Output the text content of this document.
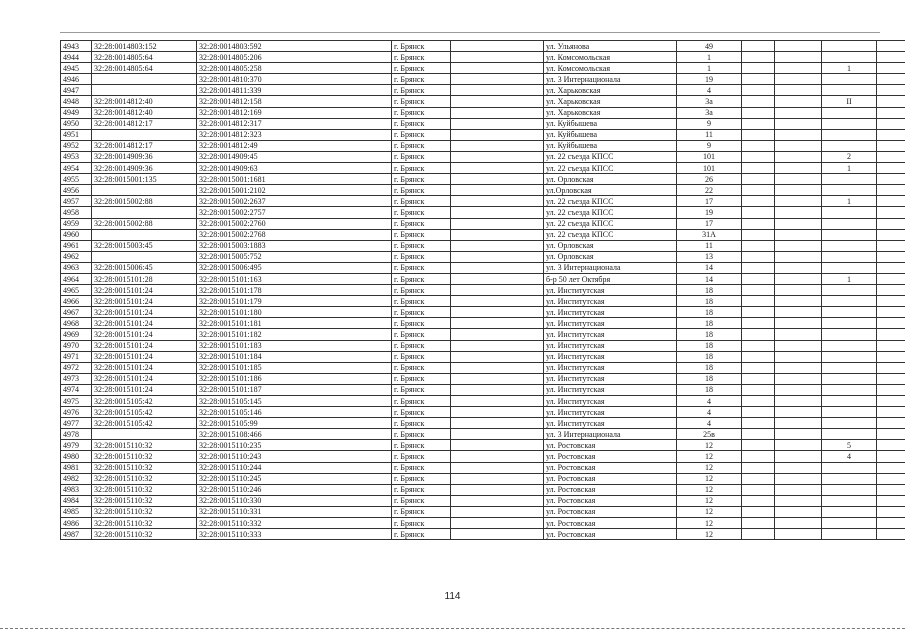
4943	32:28:0014803:152	32:28:0014803:592	г. Брянск		ул. Ульянова	49				
4944	32:28:0014805:64	32:28:0014805:206	г. Брянск		ул. Комсомольская	1				
4945	32:28:0014805:64	32:28:0014805:258	г. Брянск		ул. Комсомольская	1			1	
4946		32:28:0014810:370	г. Брянск		ул. 3 Интернационала	19				
4947		32:28:0014811:339	г. Брянск		ул. Харьковская	4				
4948	32:28:0014812:40	32:28:0014812:158	г. Брянск		ул. Харьковская	3а			II	
4949	32:28:0014812:40	32:28:0014812:169	г. Брянск		ул. Харьковская	3а				
4950	32:28:0014812:17	32:28:0014812:317	г. Брянск		ул. Куйбышева	9				
4951		32:28:0014812:323	г. Брянск		ул. Куйбышева	11				
4952	32:28:0014812:17	32:28:0014812:49	г. Брянск		ул. Куйбышева	9				
4953	32:28:0014909:36	32:28:0014909:45	г. Брянск		ул. 22 съезда КПСС	101			2	
4954	32:28:0014909:36	32:28:0014909:63	г. Брянск		ул. 22 съезда КПСС	101			1	
4955	32:28:0015001:135	32:28:0015001:1681	г. Брянск		ул. Орловская	26				
4956		32:28:0015001:2102	г. Брянск		ул.Орловская	22				
4957	32:28:0015002:88	32:28:0015002:2637	г. Брянск		ул. 22 съезда КПСС	17			1	
4958		32:28:0015002:2757	г. Брянск		ул. 22 съезда КПСС	19				
4959	32:28:0015002:88	32:28:0015002:2760	г. Брянск		ул. 22 съезда КПСС	17				
4960		32:28:0015002:2768	г. Брянск		ул. 22 съезда КПСС	31А				
4961	32:28:0015003:45	32:28:0015003:1883	г. Брянск		ул. Орловская	11				
4962		32:28:0015005:752	г. Брянск		ул. Орловская	13				
4963	32:28:0015006:45	32:28:0015006:495	г. Брянск		ул. 3 Интернационала	14				
4964	32:28:0015101:28	32:28:0015101:163	г. Брянск		б-р 50 лет Октября	14			1	
4965	32:28:0015101:24	32:28:0015101:178	г. Брянск		ул. Институтская	18				
4966	32:28:0015101:24	32:28:0015101:179	г. Брянск		ул. Институтская	18				
4967	32:28:0015101:24	32:28:0015101:180	г. Брянск		ул. Институтская	18				
4968	32:28:0015101:24	32:28:0015101:181	г. Брянск		ул. Институтская	18				
4969	32:28:0015101:24	32:28:0015101:182	г. Брянск		ул. Институтская	18				
4970	32:28:0015101:24	32:28:0015101:183	г. Брянск		ул. Институтская	18				
4971	32:28:0015101:24	32:28:0015101:184	г. Брянск		ул. Институтская	18				
4972	32:28:0015101:24	32:28:0015101:185	г. Брянск		ул. Институтская	18				
4973	32:28:0015101:24	32:28:0015101:186	г. Брянск		ул. Институтская	18				
4974	32:28:0015101:24	32:28:0015101:187	г. Брянск		ул. Институтская	18				
4975	32:28:0015105:42	32:28:0015105:145	г. Брянск		ул. Институтская	4				
4976	32:28:0015105:42	32:28:0015105:146	г. Брянск		ул. Институтская	4				
4977	32:28:0015105:42	32:28:0015105:99	г. Брянск		ул. Институтская	4				
4978		32:28:0015108:466	г. Брянск		ул. 3 Интернационала	25в				
4979	32:28:0015110:32	32:28:0015110:235	г. Брянск		ул. Ростовская	12			5	
4980	32:28:0015110:32	32:28:0015110:243	г. Брянск		ул. Ростовская	12			4	
4981	32:28:0015110:32	32:28:0015110:244	г. Брянск		ул. Ростовская	12				
4982	32:28:0015110:32	32:28:0015110:245	г. Брянск		ул. Ростовская	12				
4983	32:28:0015110:32	32:28:0015110:246	г. Брянск		ул. Ростовская	12				
4984	32:28:0015110:32	32:28:0015110:330	г. Брянск		ул. Ростовская	12				
4985	32:28:0015110:32	32:28:0015110:331	г. Брянск		ул. Ростовская	12				
4986	32:28:0015110:32	32:28:0015110:332	г. Брянск		ул. Ростовская	12				
4987	32:28:0015110:32	32:28:0015110:333	г. Брянск		ул. Ростовская	12				
114
